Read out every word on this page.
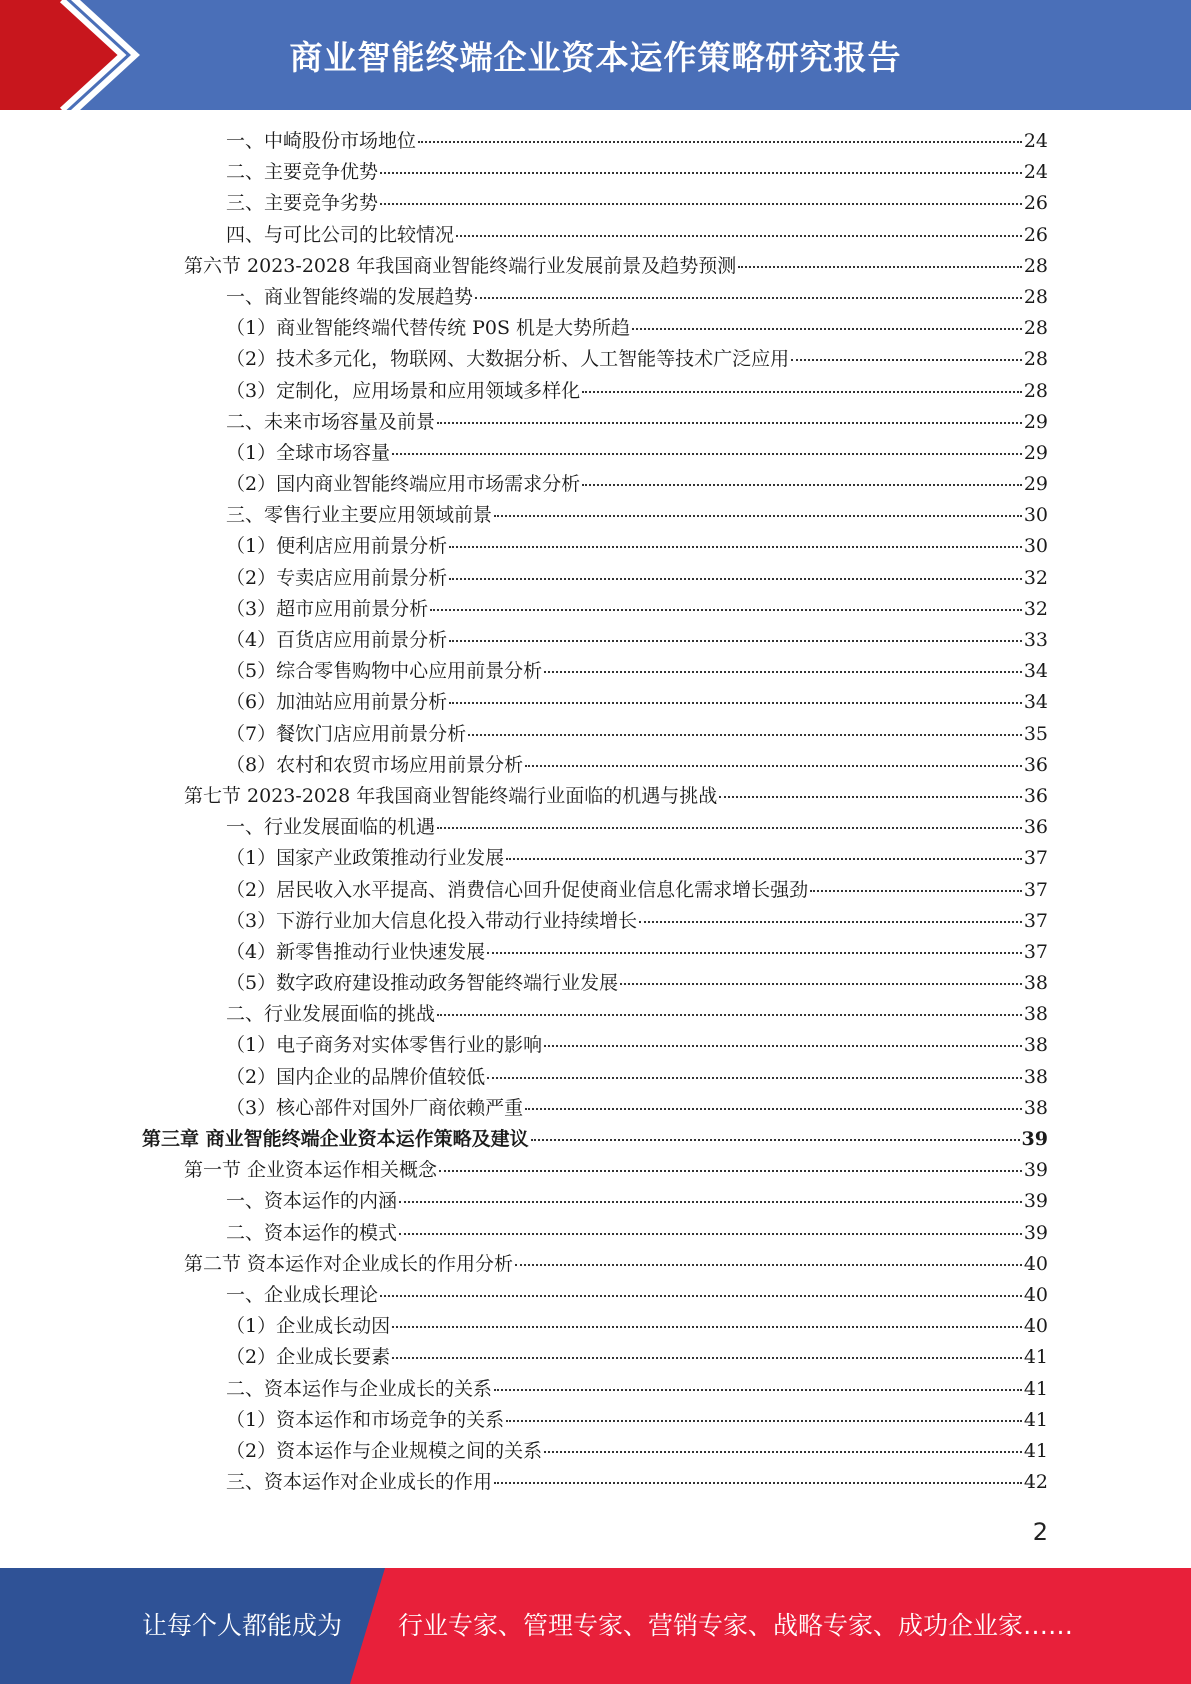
商业智能终端企业资本运作策略研究报告
一、中崎股份市场地位	24
二、主要竞争优势	24
三、主要竞争劣势	26
四、与可比公司的比较情况	26
第六节 2023-2028 年我国商业智能终端行业发展前景及趋势预测	28
一、商业智能终端的发展趋势	28
（1）商业智能终端代替传统 P0S 机是大势所趋	28
（2）技术多元化，物联网、大数据分析、人工智能等技术广泛应用	28
（3）定制化，应用场景和应用领域多样化	28
二、未来市场容量及前景	29
（1）全球市场容量	29
（2）国内商业智能终端应用市场需求分析	29
三、零售行业主要应用领域前景	30
（1）便利店应用前景分析	30
（2）专卖店应用前景分析	32
（3）超市应用前景分析	32
（4）百货店应用前景分析	33
（5）综合零售购物中心应用前景分析	34
（6）加油站应用前景分析	34
（7）餐饮门店应用前景分析	35
（8）农村和农贸市场应用前景分析	36
第七节 2023-2028 年我国商业智能终端行业面临的机遇与挑战	36
一、行业发展面临的机遇	36
（1）国家产业政策推动行业发展	37
（2）居民收入水平提高、消费信心回升促使商业信息化需求增长强劲	37
（3）下游行业加大信息化投入带动行业持续增长	37
（4）新零售推动行业快速发展	37
（5）数字政府建设推动政务智能终端行业发展	38
二、行业发展面临的挑战	38
（1）电子商务对实体零售行业的影响	38
（2）国内企业的品牌价值较低	38
（3）核心部件对国外厂商依赖严重	38
第三章 商业智能终端企业资本运作策略及建议	39
第一节 企业资本运作相关概念	39
一、资本运作的内涵	39
二、资本运作的模式	39
第二节 资本运作对企业成长的作用分析	40
一、企业成长理论	40
（1）企业成长动因	40
（2）企业成长要素	41
二、资本运作与企业成长的关系	41
（1）资本运作和市场竞争的关系	41
（2）资本运作与企业规模之间的关系	41
三、资本运作对企业成长的作用	42
2
让每个人都能成为 行业专家、管理专家、营销专家、战略专家、成功企业家……
